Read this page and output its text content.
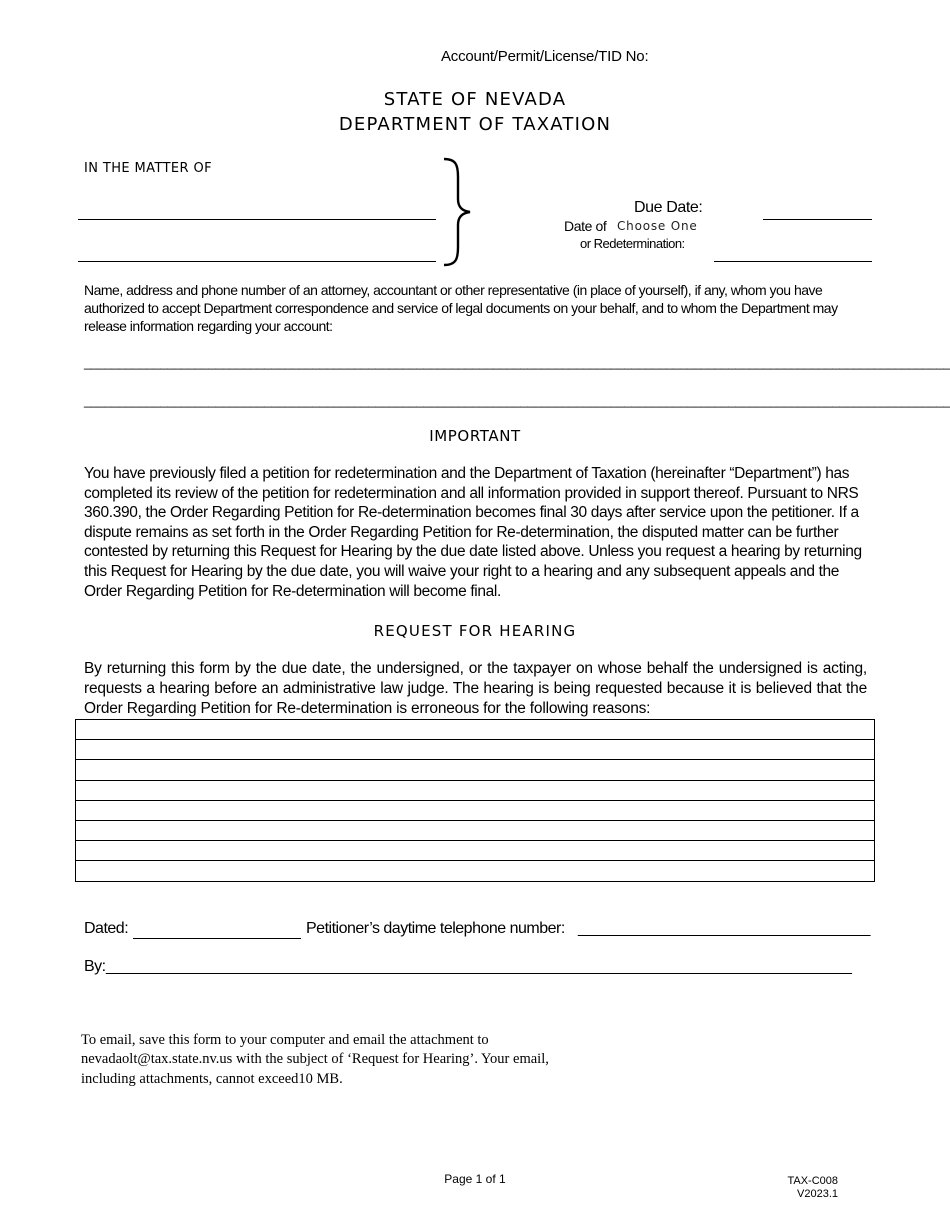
Account/Permit/License/TID No:
STATE OF NEVADA
DEPARTMENT OF TAXATION
IN THE MATTER OF
Due Date:
Date of Choose One
or Redetermination:
Name, address and phone number of an attorney, accountant or other representative (in place of yourself), if any, whom you have authorized to accept Department correspondence and service of legal documents on your behalf, and to whom the Department may release information regarding your account:
_____________________________________________________________________________________________________________________________
_____________________________________________________________________________________________________________________________
IMPORTANT
You have previously filed a petition for redetermination and the Department of Taxation (hereinafter “Department”) has completed its review of the petition for redetermination and all information provided in support thereof. Pursuant to NRS 360.390, the Order Regarding Petition for Re-determination becomes final 30 days after service upon the petitioner. If a dispute remains as set forth in the Order Regarding Petition for Re-determination, the disputed matter can be further contested by returning this Request for Hearing by the due date listed above. Unless you request a hearing by returning this Request for Hearing by the due date, you will waive your right to a hearing and any subsequent appeals and the Order Regarding Petition for Re-determination will become final.
REQUEST FOR HEARING
By returning this form by the due date, the undersigned, or the taxpayer on whose behalf the undersigned is acting, requests a hearing before an administrative law judge. The hearing is being requested because it is believed that the Order Regarding Petition for Re-determination is erroneous for the following reasons:

Dated:	Petitioner’s daytime telephone number: ____________________________________
By: ____________________________________________________________________________________________
To email, save this form to your computer and email the attachment to nevadaolt@tax.state.nv.us with the subject of ‘Request for Hearing’. Your email, including attachments, cannot exceed10 MB.
Page 1 of 1	TAX-C008
V2023.1
